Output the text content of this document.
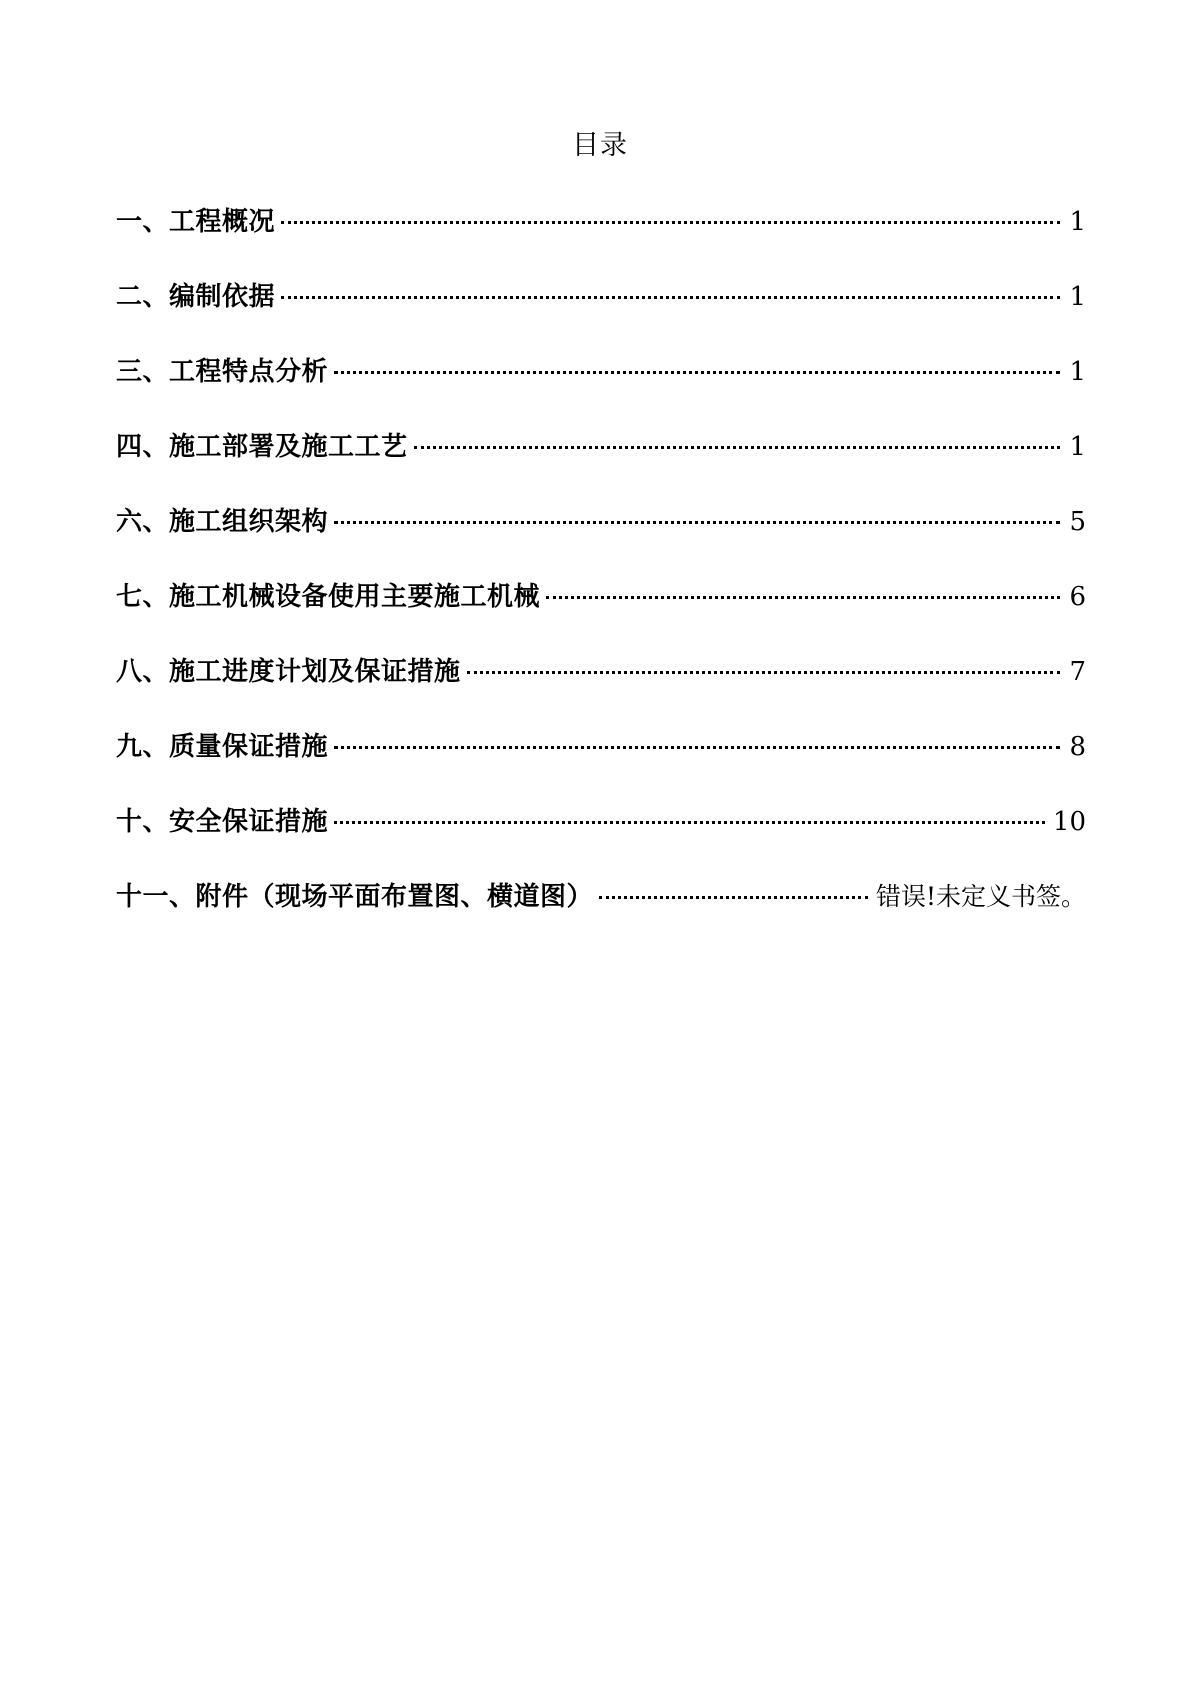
目录
一、工程概况	1
二、编制依据	1
三、工程特点分析	1
四、施工部署及施工工艺	1
六、施工组织架构	5
七、施工机械设备使用主要施工机械	6
八、施工进度计划及保证措施	7
九、质量保证措施	8
十、安全保证措施	10
十一、附件（现场平面布置图、横道图）	错误!未定义书签。
